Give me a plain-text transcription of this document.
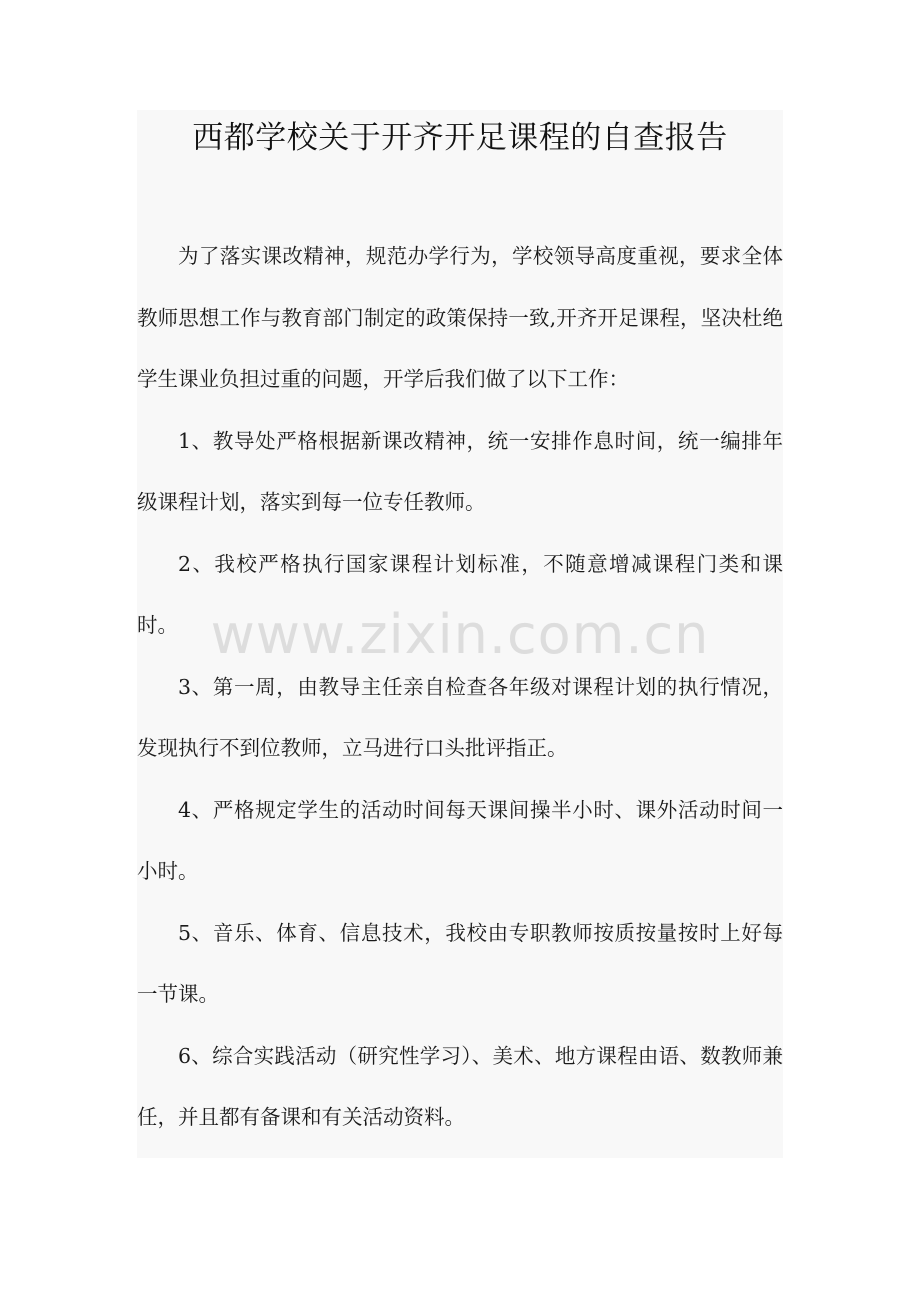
西都学校关于开齐开足课程的自查报告

为了落实课改精神，规范办学行为，学校领导高度重视，要求全体教师思想工作与教育部门制定的政策保持一致,开齐开足课程，坚决杜绝学生课业负担过重的问题，开学后我们做了以下工作：

1、教导处严格根据新课改精神，统一安排作息时间，统一编排年级课程计划，落实到每一位专任教师。

2、我校严格执行国家课程计划标准，不随意增减课程门类和课时。

3、第一周，由教导主任亲自检查各年级对课程计划的执行情况，发现执行不到位教师，立马进行口头批评指正。

4、严格规定学生的活动时间每天课间操半小时、课外活动时间一小时。

5、音乐、体育、信息技术，我校由专职教师按质按量按时上好每一节课。

6、综合实践活动（研究性学习）、美术、地方课程由语、数教师兼任，并且都有备课和有关活动资料。

www.zixin.com.cn
